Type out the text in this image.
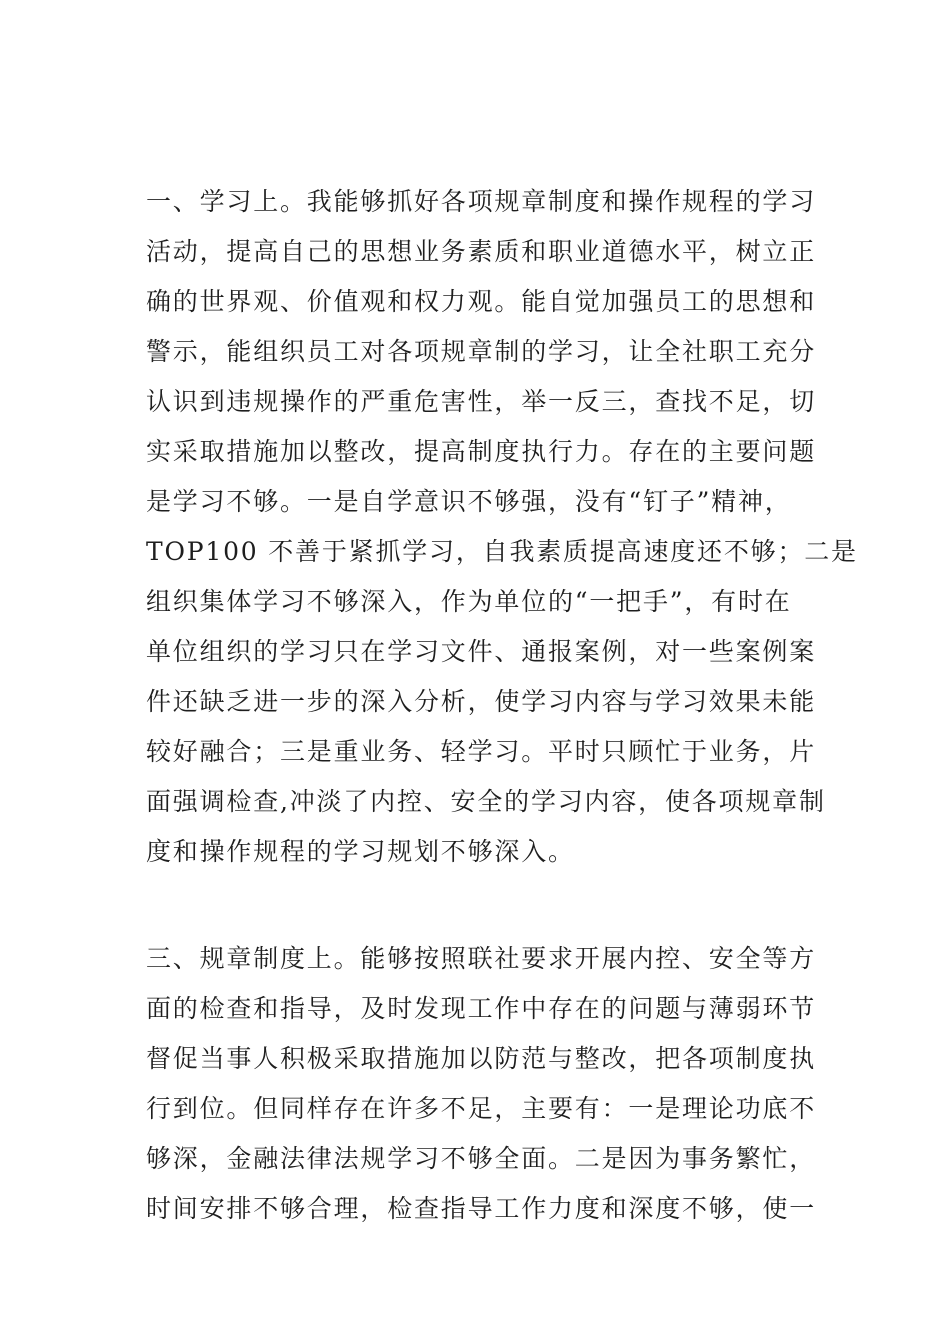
一、学习上。我能够抓好各项规章制度和操作规程的学习
活动，提高自己的思想业务素质和职业道德水平，树立正
确的世界观、价值观和权力观。能自觉加强员工的思想和
警示，能组织员工对各项规章制的学习，让全社职工充分
认识到违规操作的严重危害性，举一反三，查找不足，切
实采取措施加以整改，提高制度执行力。存在的主要问题
是学习不够。一是自学意识不够强，没有“钉子”精神，
TOP100 不善于紧抓学习，自我素质提高速度还不够；二是
组织集体学习不够深入，作为单位的“一把手”，有时在
单位组织的学习只在学习文件、通报案例，对一些案例案
件还缺乏进一步的深入分析，使学习内容与学习效果未能
较好融合；三是重业务、轻学习。平时只顾忙于业务，片
面强调检查,冲淡了内控、安全的学习内容，使各项规章制
度和操作规程的学习规划不够深入。
三、规章制度上。能够按照联社要求开展内控、安全等方
面的检查和指导，及时发现工作中存在的问题与薄弱环节
督促当事人积极采取措施加以防范与整改，把各项制度执
行到位。但同样存在许多不足，主要有：一是理论功底不
够深，金融法律法规学习不够全面。二是因为事务繁忙，
时间安排不够合理，检查指导工作力度和深度不够，使一
